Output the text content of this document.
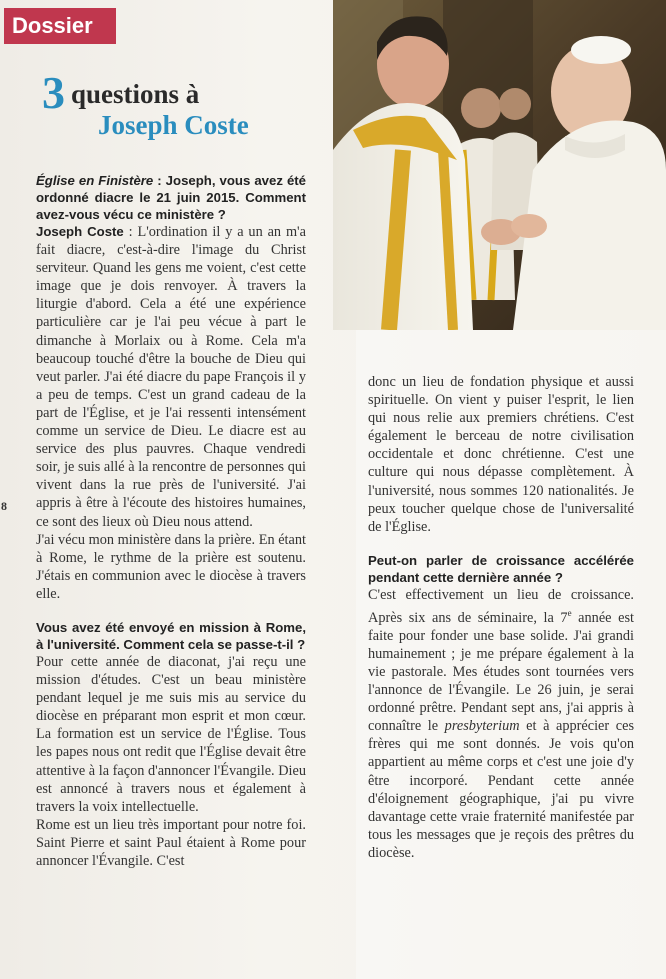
Dossier
3 questions à
Joseph Coste
8

Église en Finistère : Joseph, vous avez été ordonné diacre le 21 juin 2015. Comment avez-vous vécu ce ministère ?

Joseph Coste : L'ordination il y a un an m'a fait diacre, c'est-à-dire l'image du Christ serviteur. Quand les gens me voient, c'est cette image que je dois renvoyer. À travers la liturgie d'abord. Cela a été une expérience particulière car je l'ai peu vécue à part le dimanche à Morlaix ou à Rome. Cela m'a beaucoup touché d'être la bouche de Dieu qui veut parler. J'ai été diacre du pape François il y a peu de temps. C'est un grand cadeau de la part de l'Église, et je l'ai ressenti intensément comme un service de Dieu. Le diacre est au service des plus pauvres. Chaque vendredi soir, je suis allé à la rencontre de personnes qui vivent dans la rue près de l'université. J'ai appris à être à l'écoute des histoires humaines, ce sont des lieux où Dieu nous attend.

J'ai vécu mon ministère dans la prière. En étant à Rome, le rythme de la prière est soutenu. J'étais en communion avec le diocèse à travers elle.

Vous avez été envoyé en mission à Rome, à l'université. Comment cela se passe-t-il ?

Pour cette année de diaconat, j'ai reçu une mission d'études. C'est un beau ministère pendant lequel je me suis mis au service du diocèse en préparant mon esprit et mon cœur. La formation est un service de l'Église. Tous les papes nous ont redit que l'Église devait être attentive à la façon d'annoncer l'Évangile. Dieu est annoncé à travers nous et également à travers la voix intellectuelle.

Rome est un lieu très important pour notre foi. Saint Pierre et saint Paul étaient à Rome pour annoncer l'Évangile. C'est

donc un lieu de fondation physique et aussi spirituelle. On vient y puiser l'esprit, le lien qui nous relie aux premiers chrétiens. C'est également le berceau de notre civilisation occidentale et donc chrétienne. C'est une culture qui nous dépasse complètement. À l'université, nous sommes 120 nationalités. Je peux toucher quelque chose de l'universalité de l'Église.

Peut-on parler de croissance accélérée pendant cette dernière année ?

C'est effectivement un lieu de croissance. Après six ans de séminaire, la 7e année est faite pour fonder une base solide. J'ai grandi humainement ; je me prépare également à la vie pastorale. Mes études sont tournées vers l'annonce de l'Évangile. Le 26 juin, je serai ordonné prêtre. Pendant sept ans, j'ai appris à connaître le presbyterium et à apprécier ces frères qui me sont donnés. Je vois qu'on appartient au même corps et c'est une joie d'y être incorporé. Pendant cette année d'éloignement géographique, j'ai pu vivre davantage cette vraie fraternité manifestée par tous les messages que je reçois des prêtres du diocèse.
